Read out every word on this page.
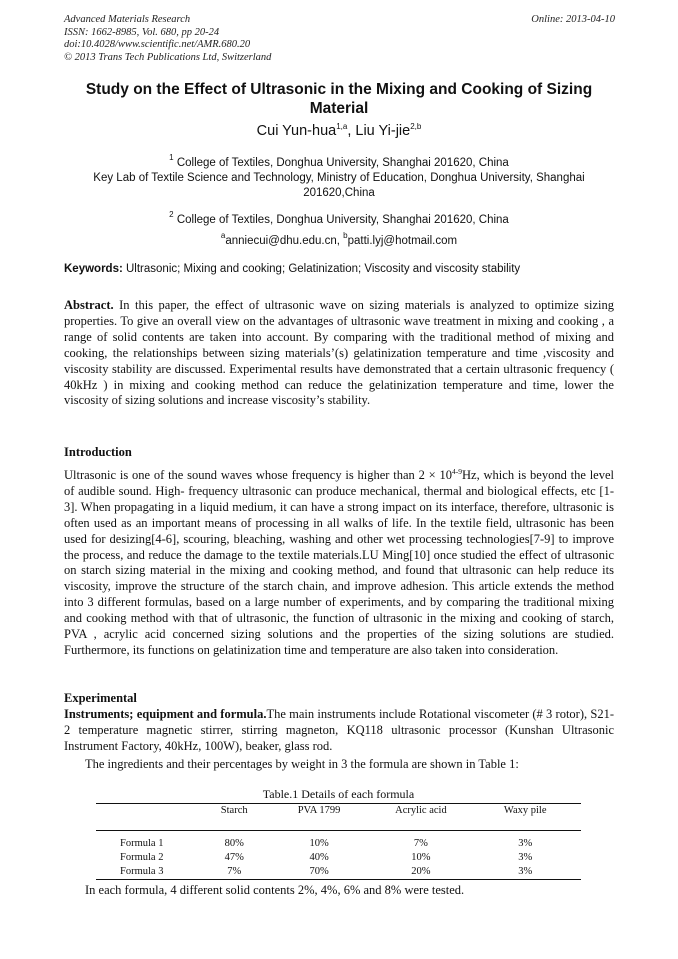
Advanced Materials Research
ISSN: 1662-8985, Vol. 680, pp 20-24
doi:10.4028/www.scientific.net/AMR.680.20
© 2013 Trans Tech Publications Ltd, Switzerland
Online: 2013-04-10
Study on the Effect of Ultrasonic in the Mixing and Cooking of Sizing Material
Cui Yun-hua$^{1,a}$, Liu Yi-jie$^{2,b}$
$^1$ College of Textiles, Donghua University, Shanghai 201620, China
Key Lab of Textile Science and Technology, Ministry of Education, Donghua University, Shanghai 201620,China
$^2$ College of Textiles, Donghua University, Shanghai 201620, China
$^a$anniecui@dhu.edu.cn, $^b$patti.lyj@hotmail.com
Keywords: Ultrasonic; Mixing and cooking; Gelatinization; Viscosity and viscosity stability

Abstract. In this paper, the effect of ultrasonic wave on sizing materials is analyzed to optimize sizing properties. To give an overall view on the advantages of ultrasonic wave treatment in mixing and cooking , a range of solid contents are taken into account. By comparing with the traditional method of mixing and cooking, the relationships between sizing materials’(s) gelatinization temperature and time ,viscosity and viscosity stability are discussed. Experimental results have demonstrated that a certain ultrasonic frequency ( 40kHz ) in mixing and cooking method can reduce the gelatinization temperature and time, lower the viscosity of sizing solutions and increase viscosity’s stability.

Introduction

Ultrasonic is one of the sound waves whose frequency is higher than $2 \times 10^{4-9}Hz$, which is beyond the level of audible sound. High- frequency ultrasonic can produce mechanical, thermal and biological effects, etc [1-3]. When propagating in a liquid medium, it can have a strong impact on its interface, therefore, ultrasonic is often used as an important means of processing in all walks of life. In the textile field, ultrasonic has been used for desizing[4-6], scouring, bleaching, washing and other wet processing technologies[7-9] to improve the process, and reduce the damage to the textile materials.LU Ming[10] once studied the effect of ultrasonic on starch sizing material in the mixing and cooking method, and found that ultrasonic can help reduce its viscosity, improve the structure of the starch chain, and improve adhesion. This article extends the method into 3 different formulas, based on a large number of experiments, and by comparing the traditional mixing and cooking method with that of ultrasonic, the function of ultrasonic in the mixing and cooking of starch, PVA , acrylic acid concerned sizing solutions and the properties of the sizing solutions are studied. Furthermore, its functions on gelatinization time and temperature are also taken into consideration.

Experimental

Instruments; equipment and formula.The main instruments include Rotational viscometer (# 3 rotor), S21-2 temperature magnetic stirrer, stirring magneton, KQ118 ultrasonic processor (Kunshan Ultrasonic Instrument Factory, 40kHz, 100W), beaker, glass rod.

The ingredients and their percentages by weight in 3 the formula are shown in Table 1:

Table.1 Details of each formula
	Starch	PVA 1799	Acrylic acid	Waxy pile
Formula 1	80%	10%	7%	3%
Formula 2	47%	40%	10%	3%
Formula 3	7%	70%	20%	3%

In each formula, 4 different solid contents 2%, 4%, 6% and 8% were tested.
